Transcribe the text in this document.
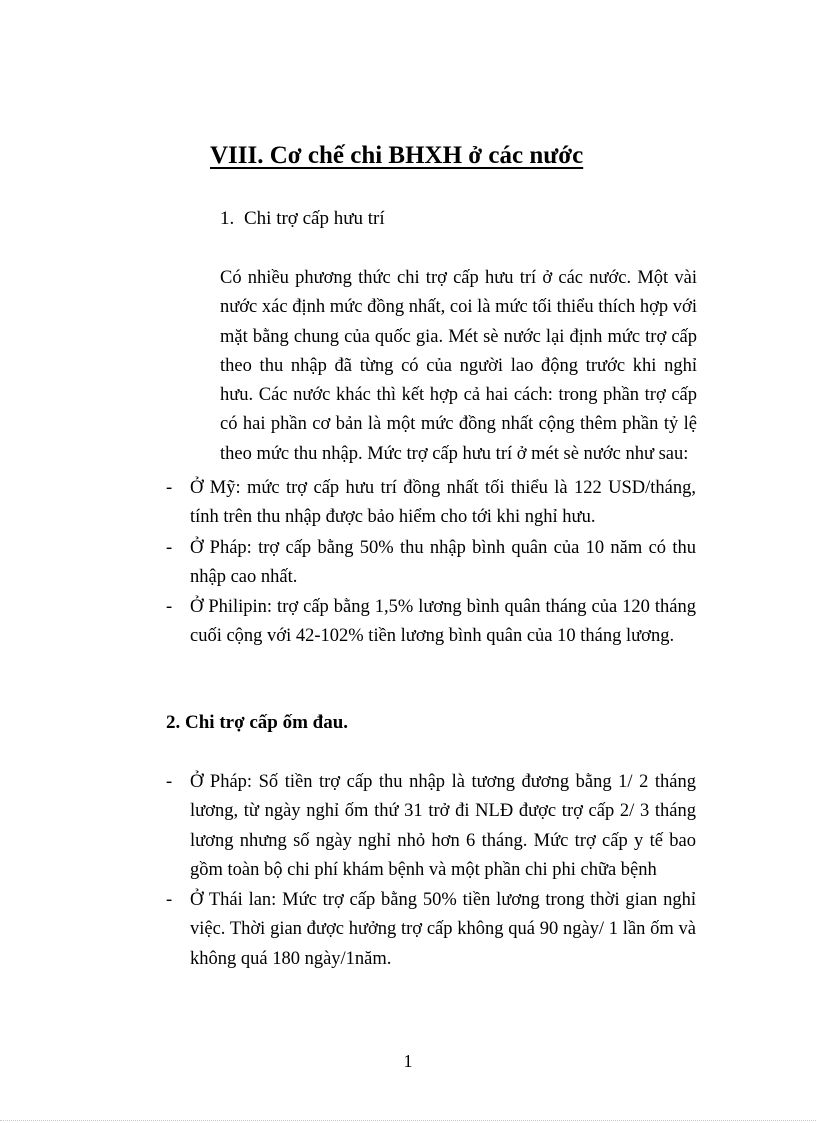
VIII. Cơ chế chi BHXH ở các nước

1. Chi trợ cấp hưu trí

Có nhiều phương thức chi trợ cấp hưu trí ở các nước. Một vài nước xác định mức đồng nhất, coi là mức tối thiểu thích hợp với mặt bằng chung của quốc gia. Mét sè nước lại định mức trợ cấp theo thu nhập đã từng có của người lao động trước khi nghỉ hưu. Các nước khác thì kết hợp cả hai cách: trong phần trợ cấp có hai phần cơ bản là một mức đồng nhất cộng thêm phần tỷ lệ theo mức thu nhập. Mức trợ cấp hưu trí ở mét sè nước như sau:

- Ở Mỹ: mức trợ cấp hưu trí đồng nhất tối thiểu là 122 USD/tháng, tính trên thu nhập được bảo hiểm cho tới khi nghỉ hưu.
- Ở Pháp: trợ cấp bằng 50% thu nhập bình quân của 10 năm có thu nhập cao nhất.
- Ở Philipin: trợ cấp bằng 1,5% lương bình quân tháng của 120 tháng cuối cộng với 42-102% tiền lương bình quân của 10 tháng lương.

2. Chi trợ cấp ốm đau.

- Ở Pháp: Số tiền trợ cấp thu nhập là tương đương bằng 1/ 2 tháng lương, từ ngày nghỉ ốm thứ 31 trở đi NLĐ được trợ cấp 2/ 3 tháng lương nhưng số ngày nghỉ nhỏ hơn 6 tháng. Mức trợ cấp y tế bao gồm toàn bộ chi phí khám bệnh và một phần chi phi chữa bệnh
- Ở Thái lan: Mức trợ cấp bằng 50% tiền lương trong thời gian nghỉ việc. Thời gian được hưởng trợ cấp không quá 90 ngày/ 1 lần ốm và không quá 180 ngày/1năm.

1
